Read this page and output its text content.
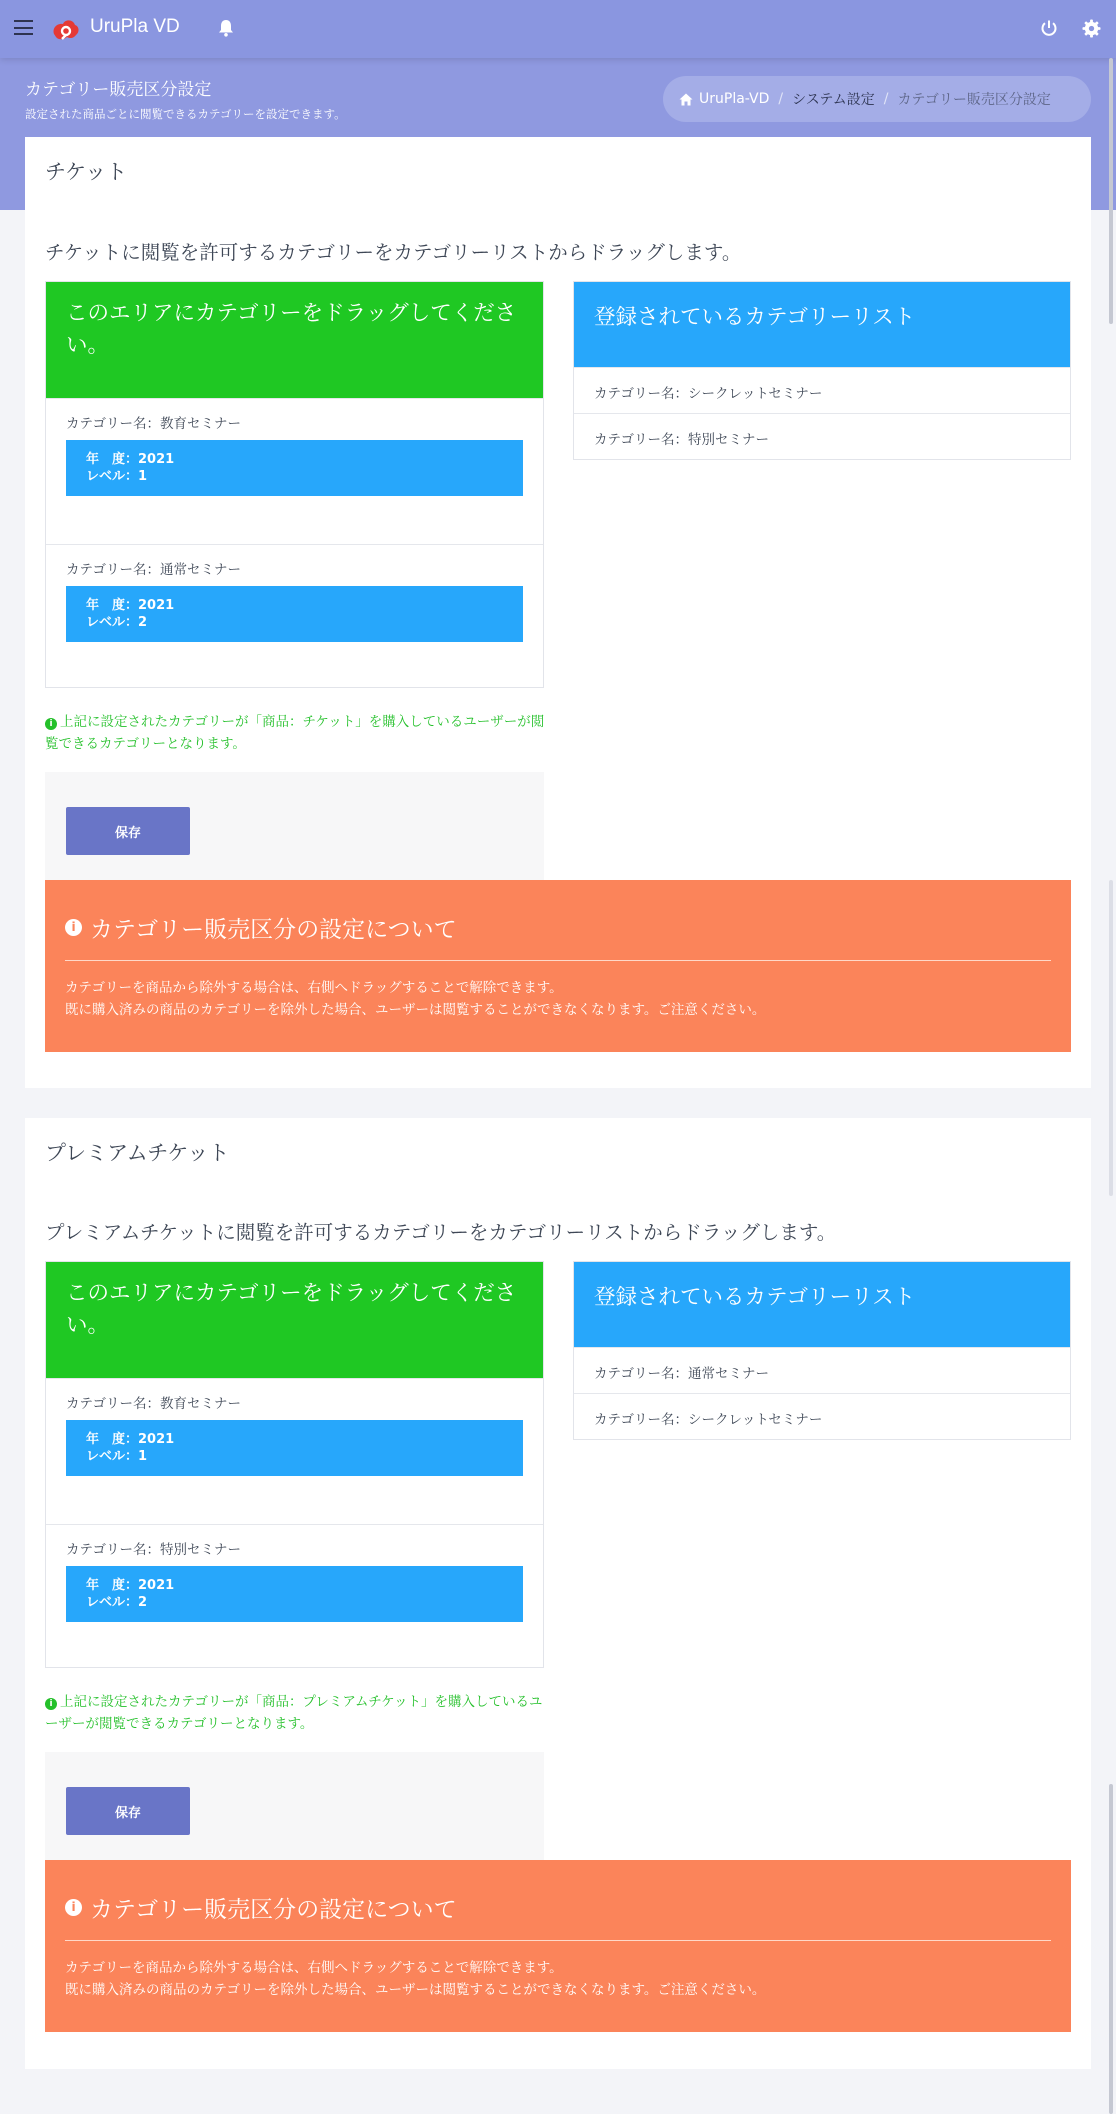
UruPla VD
カテゴリー販売区分設定
設定された商品ごとに閲覧できるカテゴリーを設定できます。
UruPla-VD / システム設定 / カテゴリー販売区分設定
チケット
チケットに閲覧を許可するカテゴリーをカテゴリーリストからドラッグします。
このエリアにカテゴリーをドラッグしてください。
カテゴリー名：教育セミナー
年　度：2021
レベル：1
カテゴリー名：通常セミナー
年　度：2021
レベル：2
登録されているカテゴリーリスト
カテゴリー名：シークレットセミナー
カテゴリー名：特別セミナー
i 上記に設定されたカテゴリーが「商品：チケット」を購入しているユーザーが閲覧できるカテゴリーとなります。
保存
i カテゴリー販売区分の設定について
カテゴリーを商品から除外する場合は、右側へドラッグすることで解除できます。
既に購入済みの商品のカテゴリーを除外した場合、ユーザーは閲覧することができなくなります。ご注意ください。
プレミアムチケット
プレミアムチケットに閲覧を許可するカテゴリーをカテゴリーリストからドラッグします。
このエリアにカテゴリーをドラッグしてください。
カテゴリー名：教育セミナー
年　度：2021
レベル：1
カテゴリー名：特別セミナー
年　度：2021
レベル：2
登録されているカテゴリーリスト
カテゴリー名：通常セミナー
カテゴリー名：シークレットセミナー
i 上記に設定されたカテゴリーが「商品：プレミアムチケット」を購入しているユーザーが閲覧できるカテゴリーとなります。
保存
i カテゴリー販売区分の設定について
カテゴリーを商品から除外する場合は、右側へドラッグすることで解除できます。
既に購入済みの商品のカテゴリーを除外した場合、ユーザーは閲覧することができなくなります。ご注意ください。
